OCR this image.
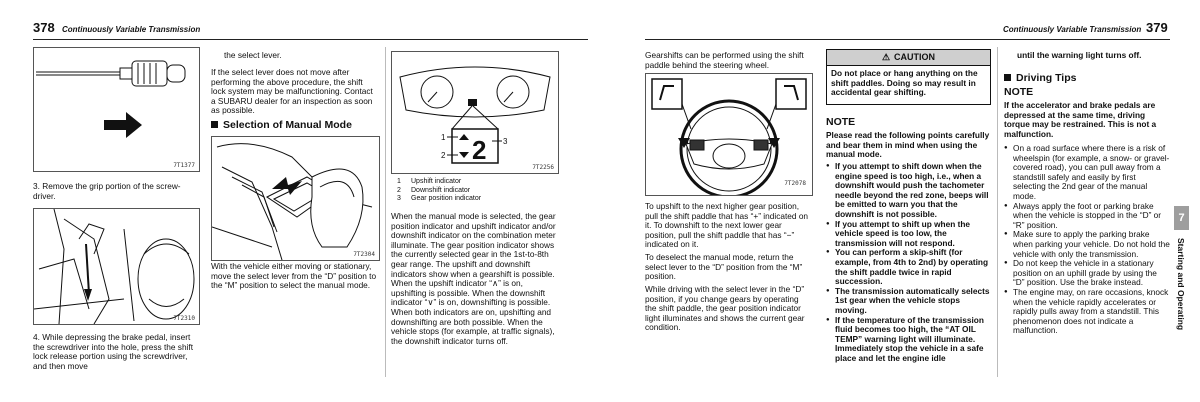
378 Continuously Variable Transmission
7T1377
3. Remove the grip portion of the screw-driver.
7T2310
4. While depressing the brake pedal, insert the screwdriver into the hole, press the shift lock release portion using the screwdriver, and then move
the select lever.
If the select lever does not move after performing the above procedure, the shift lock system may be malfunctioning. Contact a SUBARU dealer for an inspection as soon as possible.
Selection of Manual Mode
7T2304
With the vehicle either moving or stationary, move the select lever from the “D” position to the “M” position to select the manual mode.
2
1
2
3
7T2256
1 Upshift indicator
2 Downshift indicator
3 Gear position indicator
When the manual mode is selected, the gear position indicator and upshift indicator and/or downshift indicator on the combination meter illuminate. The gear position indicator shows the currently selected gear in the 1st-to-8th gear range. The upshift and downshift indicators show when a gearshift is possible. When the upshift indicator “∧” is on, upshifting is possible. When the downshift indicator “∨” is on, downshifting is possible. When both indicators are on, upshifting and downshifting are both possible. When the vehicle stops (for example, at traffic signals), the downshift indicator turns off.
Continuously Variable Transmission 379
Gearshifts can be performed using the shift paddle behind the steering wheel.
7T2078
To upshift to the next higher gear position, pull the shift paddle that has “+” indicated on it. To downshift to the next lower gear position, pull the shift paddle that has “−” indicated on it.
To deselect the manual mode, return the select lever to the “D” position from the “M” position.
While driving with the select lever in the “D” position, if you change gears by operating the shift paddle, the gear position indicator light illuminates and shows the current gear condition.
⚠ CAUTION
Do not place or hang anything on the shift paddles. Doing so may result in accidental gear shifting.
NOTE
Please read the following points carefully and bear them in mind when using the manual mode.
● If you attempt to shift down when the engine speed is too high, i.e., when a downshift would push the tachometer needle beyond the red zone, beeps will be emitted to warn you that the downshift is not possible.
● If you attempt to shift up when the vehicle speed is too low, the transmission will not respond.
● You can perform a skip-shift (for example, from 4th to 2nd) by operating the shift paddle twice in rapid succession.
● The transmission automatically selects 1st gear when the vehicle stops moving.
● If the temperature of the transmission fluid becomes too high, the “AT OIL TEMP” warning light will illuminate. Immediately stop the vehicle in a safe place and let the engine idle
until the warning light turns off.
Driving Tips
NOTE
If the accelerator and brake pedals are depressed at the same time, driving torque may be restrained. This is not a malfunction.
● On a road surface where there is a risk of wheelspin (for example, a snow- or gravel-covered road), you can pull away from a standstill safely and easily by first selecting the 2nd gear of the manual mode.
● Always apply the foot or parking brake when the vehicle is stopped in the “D” or “R” position.
● Make sure to apply the parking brake when parking your vehicle. Do not hold the vehicle with only the transmission.
● Do not keep the vehicle in a stationary position on an uphill grade by using the “D” position. Use the brake instead.
● The engine may, on rare occasions, knock when the vehicle rapidly accelerates or rapidly pulls away from a standstill. This phenomenon does not indicate a malfunction.
7
Starting and Operating
